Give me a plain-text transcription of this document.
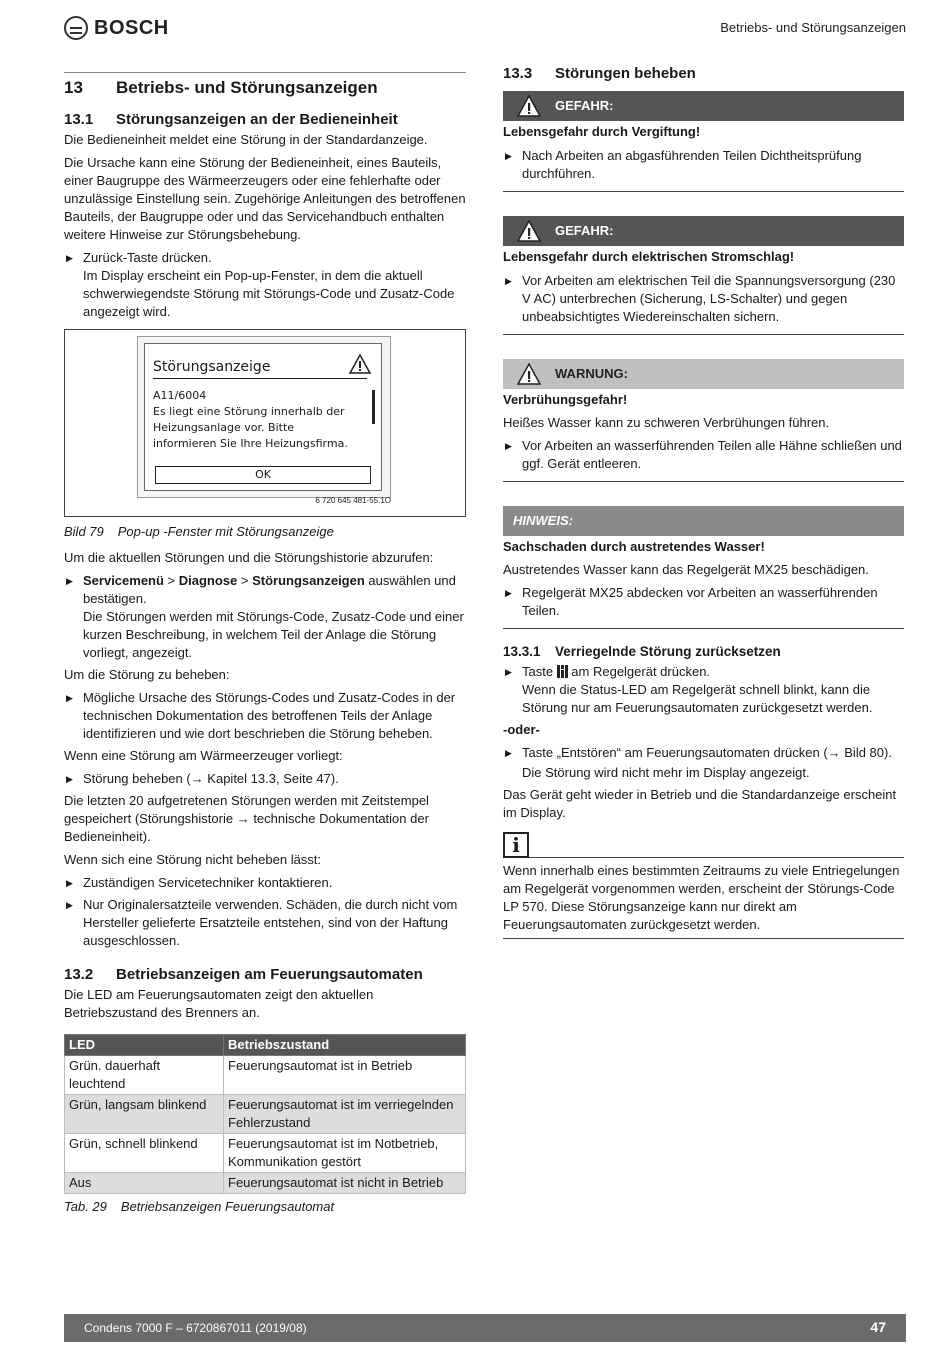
BOSCH	Betriebs- und Störungsanzeigen
13	Betriebs- und Störungsanzeigen
13.1	Störungsanzeigen an der Bedieneinheit

Die Bedieneinheit meldet eine Störung in der Standardanzeige.

Die Ursache kann eine Störung der Bedieneinheit, eines Bauteils, einer Baugruppe des Wärmeerzeugers oder eine fehlerhafte oder unzulässige Einstellung sein. Zugehörige Anleitungen des betroffenen Bauteils, der Baugruppe oder und das Servicehandbuch enthalten weitere Hinweise zur Störungsbehebung.

▶ Zurück-Taste drücken.
Im Display erscheint ein Pop-up-Fenster, in dem die aktuell schwerwiegendste Störung mit Störungs-Code und Zusatz-Code angezeigt wird.
Störungsanzeige
A11/6004
Es liegt eine Störung innerhalb der
Heizungsanlage vor. Bitte
informieren Sie Ihre Heizungsfirma.
OK
6 720 645 481-55.1O
Bild 79 Pop-up -Fenster mit Störungsanzeige

Um die aktuellen Störungen und die Störungshistorie abzurufen:

▶ Servicemenü > Diagnose > Störungsanzeigen auswählen und bestätigen.
Die Störungen werden mit Störungs-Code, Zusatz-Code und einer kurzen Beschreibung, in welchem Teil der Anlage die Störung vorliegt, angezeigt.

Um die Störung zu beheben:

▶ Mögliche Ursache des Störungs-Codes und Zusatz-Codes in der technischen Dokumentation des betroffenen Teils der Anlage identifizieren und wie dort beschrieben die Störung beheben.

Wenn eine Störung am Wärmeerzeuger vorliegt:

▶ Störung beheben (→ Kapitel 13.3, Seite 47).

Die letzten 20 aufgetretenen Störungen werden mit Zeitstempel gespeichert (Störungshistorie → technische Dokumentation der Bedieneinheit).

Wenn sich eine Störung nicht beheben lässt:

▶ Zuständigen Servicetechniker kontaktieren.
▶ Nur Originalersatzteile verwenden. Schäden, die durch nicht vom Hersteller gelieferte Ersatzteile entstehen, sind von der Haftung ausgeschlossen.
13.2	Betriebsanzeigen am Feuerungsautomaten

Die LED am Feuerungsautomaten zeigt den aktuellen Betriebszustand des Brenners an.

LED	Betriebszustand
Grün. dauerhaft leuchtend	Feuerungsautomat ist in Betrieb
Grün, langsam blinkend	Feuerungsautomat ist im verriegelnden Fehlerzustand
Grün, schnell blinkend	Feuerungsautomat ist im Notbetrieb, Kommunikation gestört
Aus	Feuerungsautomat ist nicht in Betrieb
Tab. 29 Betriebsanzeigen Feuerungsautomat
13.3	Störungen beheben
GEFAHR:
Lebensgefahr durch Vergiftung!
▶ Nach Arbeiten an abgasführenden Teilen Dichtheitsprüfung durchführen.
GEFAHR:
Lebensgefahr durch elektrischen Stromschlag!
▶ Vor Arbeiten am elektrischen Teil die Spannungsversorgung (230 V AC) unterbrechen (Sicherung, LS-Schalter) und gegen unbeabsichtigtes Wiedereinschalten sichern.
WARNUNG:
Verbrühungsgefahr!

Heißes Wasser kann zu schweren Verbrühungen führen.

▶ Vor Arbeiten an wasserführenden Teilen alle Hähne schließen und ggf. Gerät entleeren.
HINWEIS:
Sachschaden durch austretendes Wasser!

Austretendes Wasser kann das Regelgerät MX25 beschädigen.

▶ Regelgerät MX25 abdecken vor Arbeiten an wasserführenden Teilen.
13.3.1	Verriegelnde Störung zurücksetzen
▶ Taste  am Regelgerät drücken.
Wenn die Status-LED am Regelgerät schnell blinkt, kann die Störung nur am Feuerungsautomaten zurückgesetzt werden.

-oder-

▶ Taste „Entstören“ am Feuerungsautomaten drücken (→ Bild 80).
Die Störung wird nicht mehr im Display angezeigt.

Das Gerät geht wieder in Betrieb und die Standardanzeige erscheint im Display.

i

Wenn innerhalb eines bestimmten Zeitraums zu viele Entriegelungen am Regelgerät vorgenommen werden, erscheint der Störungs-Code LP 570. Diese Störungsanzeige kann nur direkt am Feuerungsautomaten zurückgesetzt werden.

Condens 7000 F – 6720867011 (2019/08)	47
